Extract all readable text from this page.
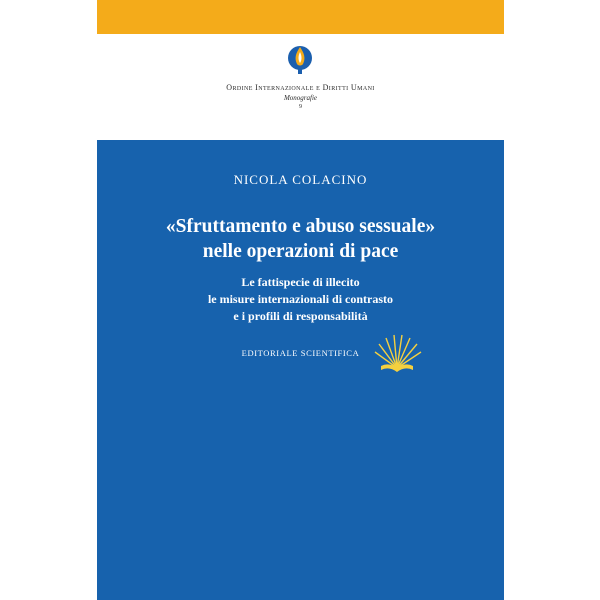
Ordine Internazionale e Diritti Umani
Monografie
9
NICOLA COLACINO
«Sfruttamento e abuso sessuale»
nelle operazioni di pace
Le fattispecie di illecito
le misure internazionali di contrasto
e i profili di responsabilità
EDITORIALE SCIENTIFICA
